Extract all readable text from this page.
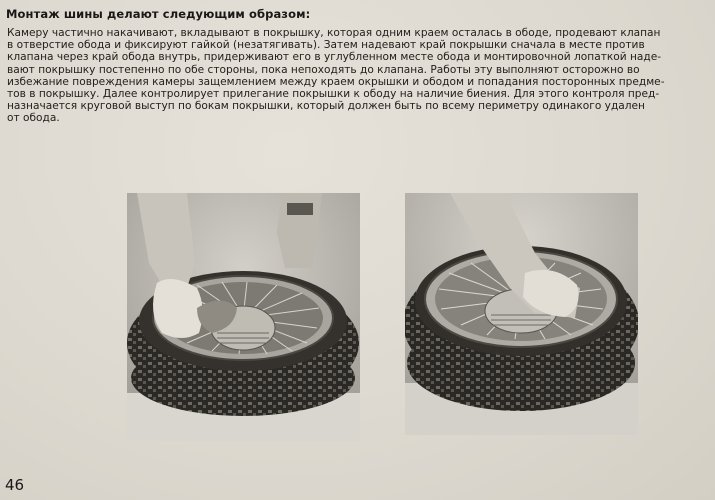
Монтаж шины делают следующим образом:
Камеру частично накачивают, вкладывают в покрышку, которая одним краем осталась в ободе, продевают клапан
в отверстие обода и фиксируют гайкой (незатягивать). Затем надевают край покрышки сначала в месте против
клапана через край обода внутрь, придерживают его в углубленном месте обода и монтировочной лопаткой наде-
вают покрышку постепенно по обе стороны, пока непоходять до клапана. Работы эту выполняют осторожно во
избежание повреждения камеры защемлением между краем окрышки и ободом и попадания посторонных предме-
тов в покрышку. Далее контролирует прилегание покрышки к ободу на наличие биения. Для этого контроля пред-
назначается круговой выступ по бокам покрышки, который должен быть по всему периметру одинакого удален
от обода.
46
